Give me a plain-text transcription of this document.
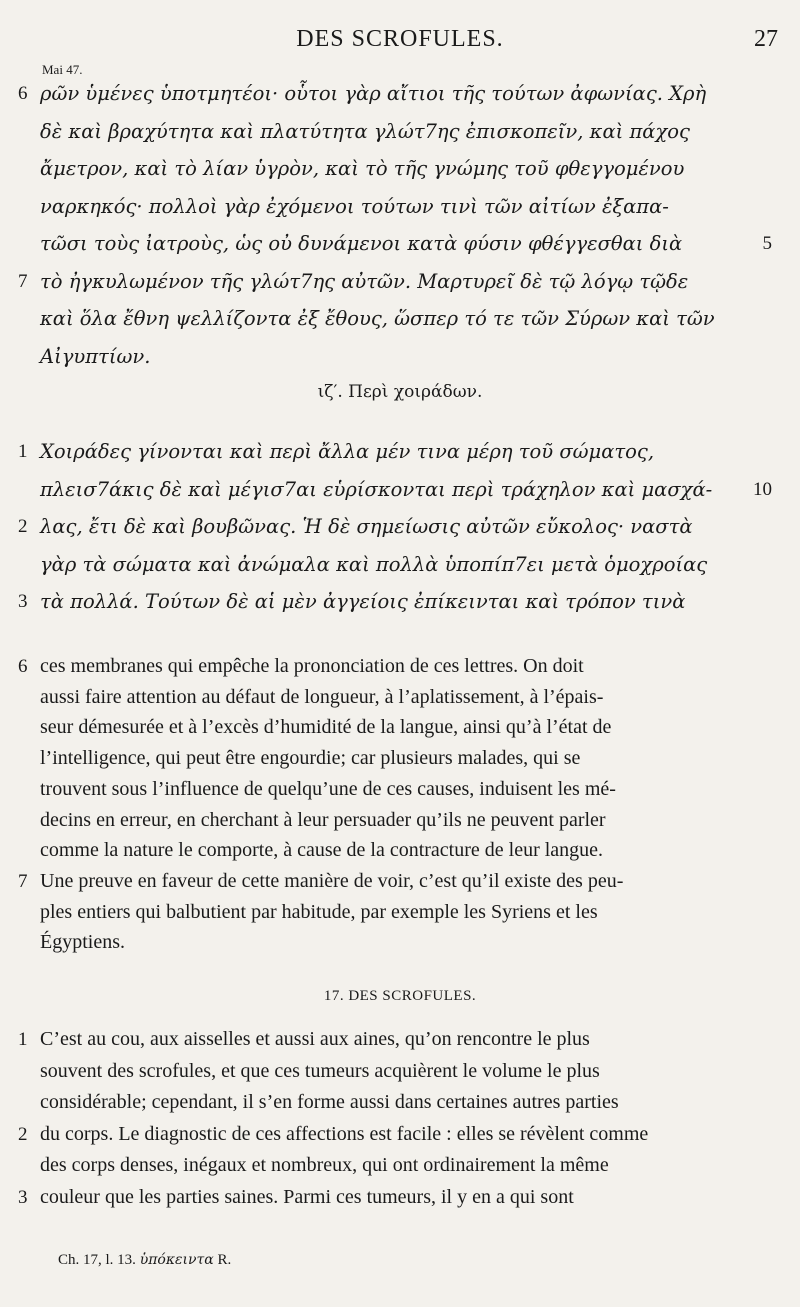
DES SCROFULES.	27
Mai 47.
ρῶν ὑμένες ὑποτμητέοι· οὗτοι γὰρ αἴτιοι τῆς τούτων ἀφωνίας. Χρὴ
6
δὲ καὶ βραχύτητα καὶ πλατύτητα γλώτ7ης ἐπισκοπεῖν, καὶ πάχος
ἄμετρον, καὶ τὸ λίαν ὑγρὸν, καὶ τὸ τῆς γνώμης τοῦ φθεγγομένου
ναρκηκός· πολλοὶ γὰρ ἐχόμενοι τούτων τινὶ τῶν αἰτίων ἐξαπα-
τῶσι τοὺς ἰατροὺς, ὡς οὐ δυνάμενοι κατὰ φύσιν φθέγγεσθαι διὰ	5
τὸ ἠγκυλωμένον τῆς γλώτ7ης αὐτῶν. Μαρτυρεῖ δὲ τῷ λόγῳ τῷδε
7
καὶ ὅλα ἔθνη ψελλίζοντα ἐξ ἔθους, ὥσπερ τό τε τῶν Σύρων καὶ τῶν
Αἰγυπτίων.
ιζ′. Περὶ χοιράδων.
Χοιράδες γίνονται καὶ περὶ ἄλλα μέν τινα μέρη τοῦ σώματος,
1
πλεισ7άκις δὲ καὶ μέγισ7αι εὑρίσκονται περὶ τράχηλον καὶ μασχά-	10
λας, ἔτι δὲ καὶ βουβῶνας. Ἡ δὲ σημείωσις αὐτῶν εὔκολος· ναστὰ
2
γὰρ τὰ σώματα καὶ ἀνώμαλα καὶ πολλὰ ὑποπίπ7ει μετὰ ὁμοχροίας
τὰ πολλά. Τούτων δὲ αἱ μὲν ἀγγείοις ἐπίκεινται καὶ τρόπον τινὰ
3
ces membranes qui empêche la prononciation de ces lettres. On doit
6
aussi faire attention au défaut de longueur, à l’aplatissement, à l’épais-
seur démesurée et à l’excès d’humidité de la langue, ainsi qu’à l’état de
l’intelligence, qui peut être engourdie; car plusieurs malades, qui se
trouvent sous l’influence de quelqu’une de ces causes, induisent les mé-
decins en erreur, en cherchant à leur persuader qu’ils ne peuvent parler
comme la nature le comporte, à cause de la contracture de leur langue.
Une preuve en faveur de cette manière de voir, c’est qu’il existe des peu-
7
ples entiers qui balbutient par habitude, par exemple les Syriens et les
Égyptiens.
17. DES SCROFULES.
C’est au cou, aux aisselles et aussi aux aines, qu’on rencontre le plus
1
souvent des scrofules, et que ces tumeurs acquièrent le volume le plus
considérable; cependant, il s’en forme aussi dans certaines autres parties
du corps. Le diagnostic de ces affections est facile : elles se révèlent comme
2
des corps denses, inégaux et nombreux, qui ont ordinairement la même
couleur que les parties saines. Parmi ces tumeurs, il y en a qui sont
3
Ch. 17, l. 13. ὑπόκειντα R.
